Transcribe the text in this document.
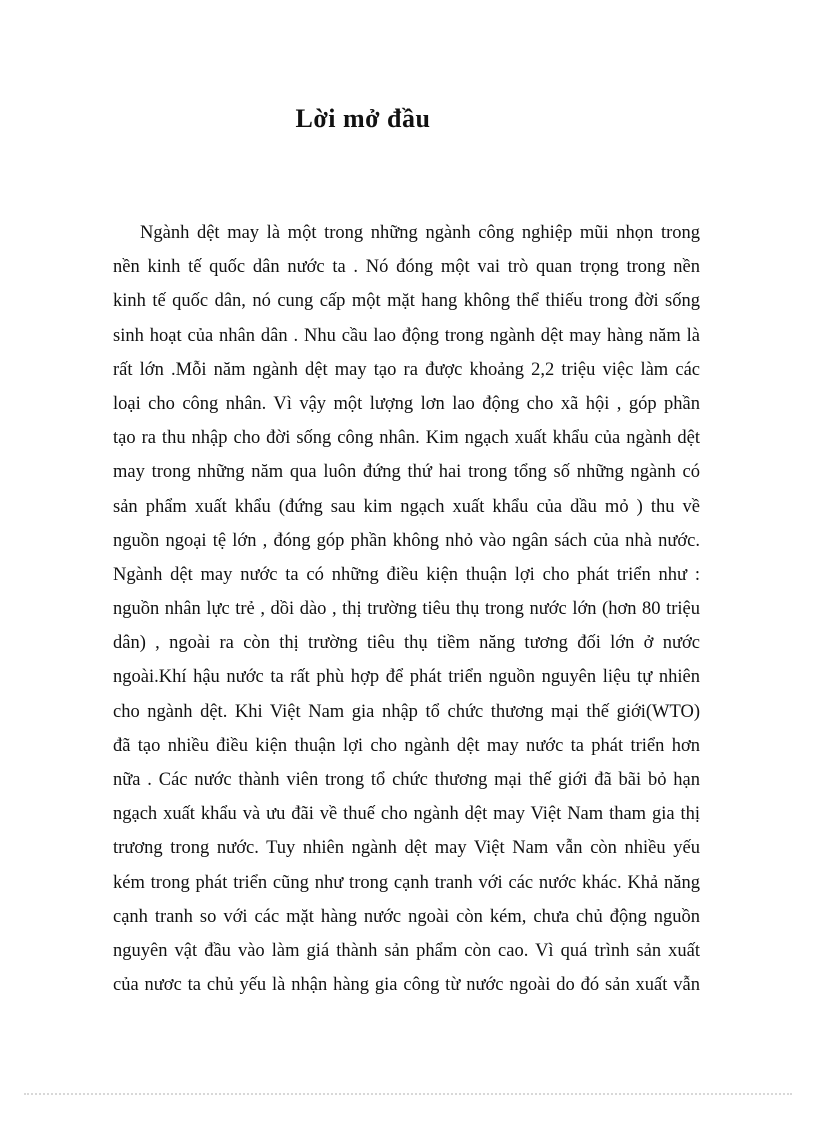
Lời mở đầu
Ngành dệt may là một trong những ngành công nghiệp mũi nhọn trong
nền kinh tế quốc dân nước ta . Nó đóng một vai trò quan trọng trong nền
kinh tế quốc dân, nó cung cấp một mặt hang không thể thiếu trong đời sống
sinh hoạt của nhân dân . Nhu cầu lao động trong ngành dệt may hàng năm là
rất lớn .Mỗi năm ngành dệt may tạo ra được khoảng 2,2 triệu việc làm các
loại cho công nhân. Vì vậy một lượng lơn lao động cho xã hội , góp phần
tạo ra thu nhập cho đời sống công nhân. Kim ngạch xuất khẩu của ngành dệt
may trong những năm qua luôn đứng thứ hai trong tổng số những ngành có
sản phẩm xuất khẩu (đứng sau kim ngạch xuất khẩu của dầu mỏ ) thu về
nguồn ngoại tệ lớn , đóng góp phần không nhỏ vào ngân sách của nhà nước.
Ngành dệt may nước ta có những điều kiện thuận lợi cho phát triển như :
nguồn nhân lực trẻ , dồi dào , thị trường tiêu thụ trong nước lớn (hơn 80 triệu
dân) , ngoài ra còn thị trường tiêu thụ tiềm năng tương đối lớn ở nước
ngoài.Khí hậu nước ta rất phù hợp để phát triển nguồn nguyên liệu tự nhiên
cho ngành dệt. Khi Việt Nam gia nhập tổ chức thương mại thế giới(WTO)
đã tạo nhiều điều kiện thuận lợi cho ngành dệt may nước ta phát triển hơn
nữa . Các nước thành viên trong tổ chức thương mại thế giới đã bãi bỏ hạn
ngạch xuất khẩu và ưu đãi về thuế cho ngành dệt may Việt Nam tham gia thị
trương trong nước. Tuy nhiên ngành dệt may Việt Nam vẫn còn nhiều yếu
kém trong phát triển cũng như trong cạnh tranh với các nước khác. Khả năng
cạnh tranh so với các mặt hàng nước ngoài còn kém, chưa chủ động nguồn
nguyên vật đầu vào làm giá thành sản phẩm còn cao. Vì quá trình sản xuất
của nươc ta chủ yếu là nhận hàng gia công từ nước ngoài do đó sản xuất vẫn
